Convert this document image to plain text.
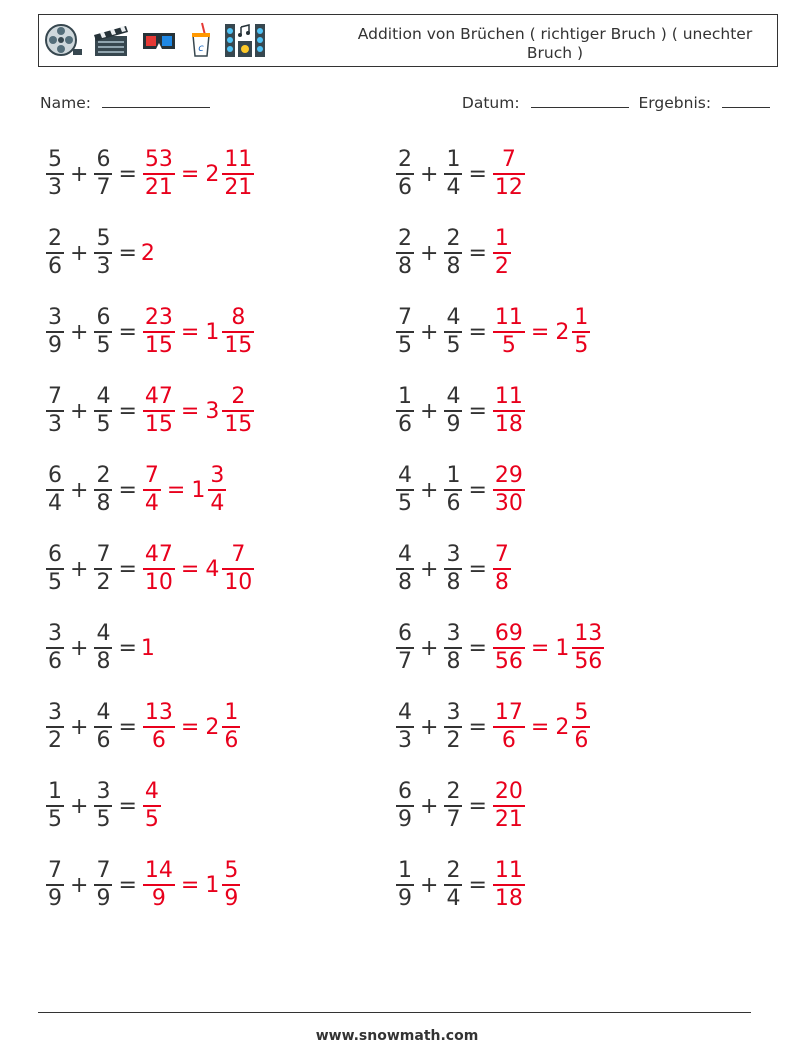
c
Addition von Brüchen ( richtiger Bruch ) ( unechter Bruch )
Name:	Datum:	Ergebnis:
$\frac{5}{3} + \frac{6}{7} = \frac{53}{21} = 2 \frac{11}{21}$
$\frac{2}{6} + \frac{5}{3} = 2$
$\frac{3}{9} + \frac{6}{5} = \frac{23}{15} = 1 \frac{8}{15}$
$\frac{7}{3} + \frac{4}{5} = \frac{47}{15} = 3 \frac{2}{15}$
$\frac{6}{4} + \frac{2}{8} = \frac{7}{4} = 1 \frac{3}{4}$
$\frac{6}{5} + \frac{7}{2} = \frac{47}{10} = 4 \frac{7}{10}$
$\frac{3}{6} + \frac{4}{8} = 1$
$\frac{3}{2} + \frac{4}{6} = \frac{13}{6} = 2 \frac{1}{6}$
$\frac{1}{5} + \frac{3}{5} = \frac{4}{5}$
$\frac{7}{9} + \frac{7}{9} = \frac{14}{9} = 1 \frac{5}{9}$
$\frac{2}{6} + \frac{1}{4} = \frac{7}{12}$
$\frac{2}{8} + \frac{2}{8} = \frac{1}{2}$
$\frac{7}{5} + \frac{4}{5} = \frac{11}{5} = 2 \frac{1}{5}$
$\frac{1}{6} + \frac{4}{9} = \frac{11}{18}$
$\frac{4}{5} + \frac{1}{6} = \frac{29}{30}$
$\frac{4}{8} + \frac{3}{8} = \frac{7}{8}$
$\frac{6}{7} + \frac{3}{8} = \frac{69}{56} = 1 \frac{13}{56}$
$\frac{4}{3} + \frac{3}{2} = \frac{17}{6} = 2 \frac{5}{6}$
$\frac{6}{9} + \frac{2}{7} = \frac{20}{21}$
$\frac{1}{9} + \frac{2}{4} = \frac{11}{18}$
www.snowmath.com
